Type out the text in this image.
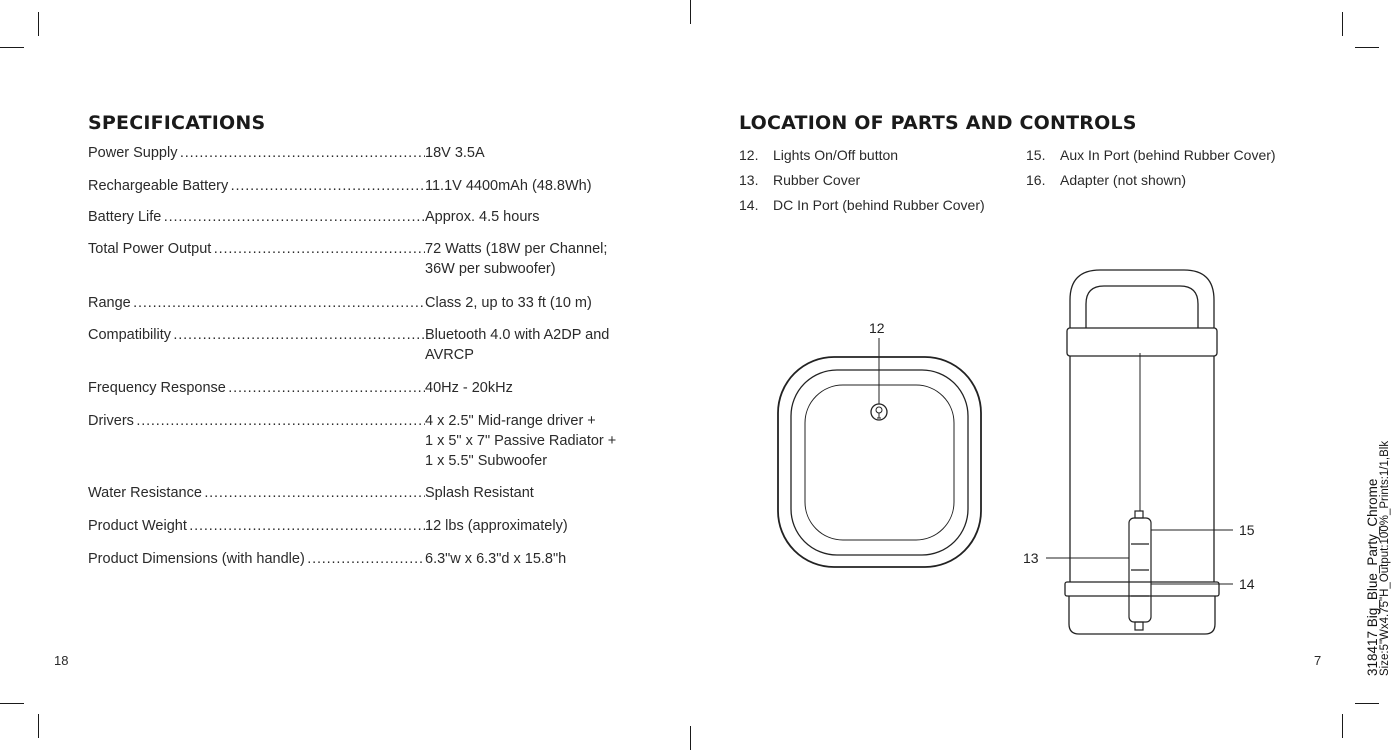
SPECIFICATIONS
Power Supply . . .	18V 3.5A
Rechargeable Battery . . .	11.1V 4400mAh (48.8Wh)
Battery Life . . .	Approx. 4.5 hours
Total Power Output . . .	72 Watts (18W per Channel;
36W per subwoofer)
Range . . .	Class 2, up to 33 ft (10 m)
Compatibility . . .	Bluetooth 4.0 with A2DP and
AVRCP
Frequency Response . . .	40Hz - 20kHz
Drivers . . .	4 x 2.5" Mid-range driver +
1 x 5" x 7" Passive Radiator +
1 x 5.5" Subwoofer
Water Resistance . . .	Splash Resistant
Product Weight . . .	12 lbs (approximately)
Product Dimensions (with handle) . . .	6.3"w x 6.3"d x 15.8"h
18
LOCATION OF PARTS AND CONTROLS
12.	Lights On/Off button
13.	Rubber Cover
14.	DC In Port (behind Rubber Cover)
15.	Aux In Port (behind Rubber Cover)
16.	Adapter (not shown)
12
13
15
14
7	318417 Big_Blue_Party_Chrome Size:5"Wx4.75"H_Output:100%_Prints:1/1,Blk
